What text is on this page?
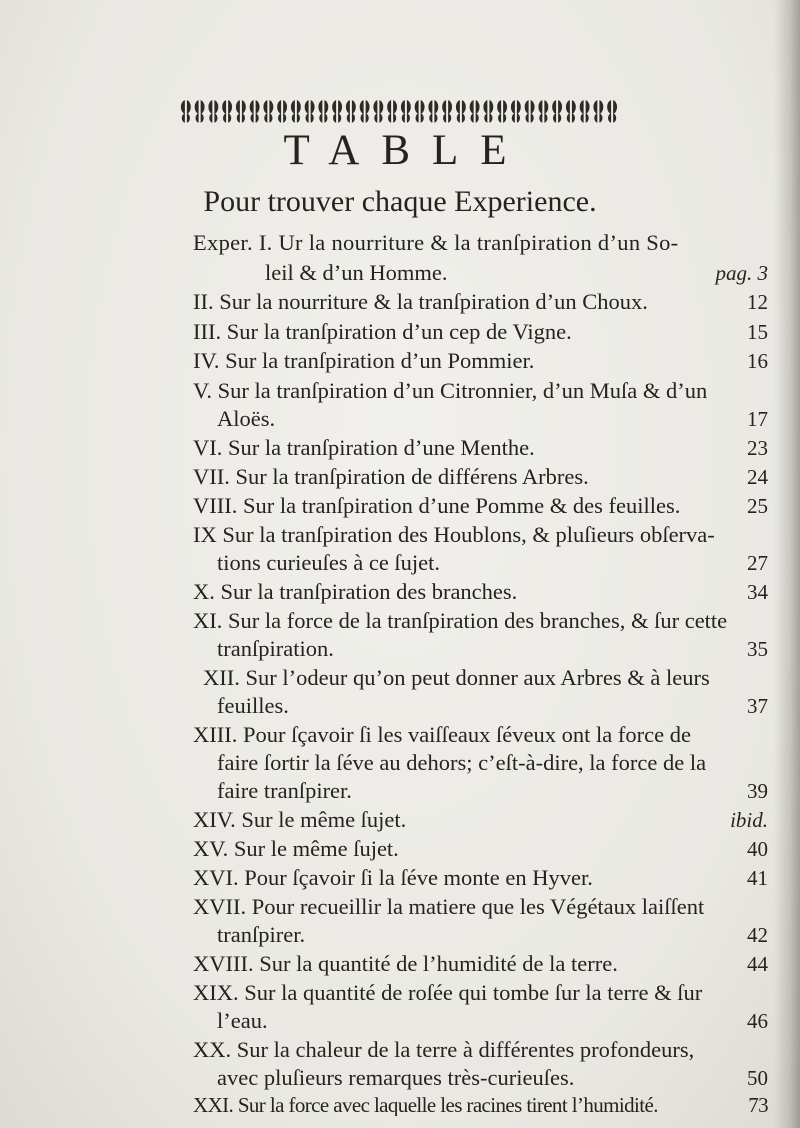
TABLE
Pour trouver chaque Experience.
Exper. I. Ur la nourriture & la tranſpiration d’un So-
leil & d’un Homme.	pag. 3
II. Sur la nourriture & la tranſpiration d’un Choux.	12
III. Sur la tranſpiration d’un cep de Vigne.	15
IV. Sur la tranſpiration d’un Pommier.	16
V. Sur la tranſpiration d’un Citronnier, d’un Muſa & d’un
Aloës.	17
VI. Sur la tranſpiration d’une Menthe.	23
VII. Sur la tranſpiration de différens Arbres.	24
VIII. Sur la tranſpiration d’une Pomme & des feuilles.	25
IX Sur la tranſpiration des Houblons, & pluſieurs obſerva-
tions curieuſes à ce ſujet.	27
X. Sur la tranſpiration des branches.	34
XI. Sur la force de la tranſpiration des branches, & ſur cette
tranſpiration.	35
XII. Sur l’odeur qu’on peut donner aux Arbres & à leurs
feuilles.	37
XIII. Pour ſçavoir ſi les vaiſſeaux ſéveux ont la force de
faire ſortir la ſéve au dehors; c’eſt-à-dire, la force de la
faire tranſpirer.	39
XIV. Sur le même ſujet.	ibid.
XV. Sur le même ſujet.	40
XVI. Pour ſçavoir ſi la ſéve monte en Hyver.	41
XVII. Pour recueillir la matiere que les Végétaux laiſſent
tranſpirer.	42
XVIII. Sur la quantité de l’humidité de la terre.	44
XIX. Sur la quantité de roſée qui tombe ſur la terre & ſur
l’eau.	46
XX. Sur la chaleur de la terre à différentes profondeurs,
avec pluſieurs remarques très-curieuſes.	50
XXI. Sur la force avec laquelle les racines tirent l’humidité.	73
